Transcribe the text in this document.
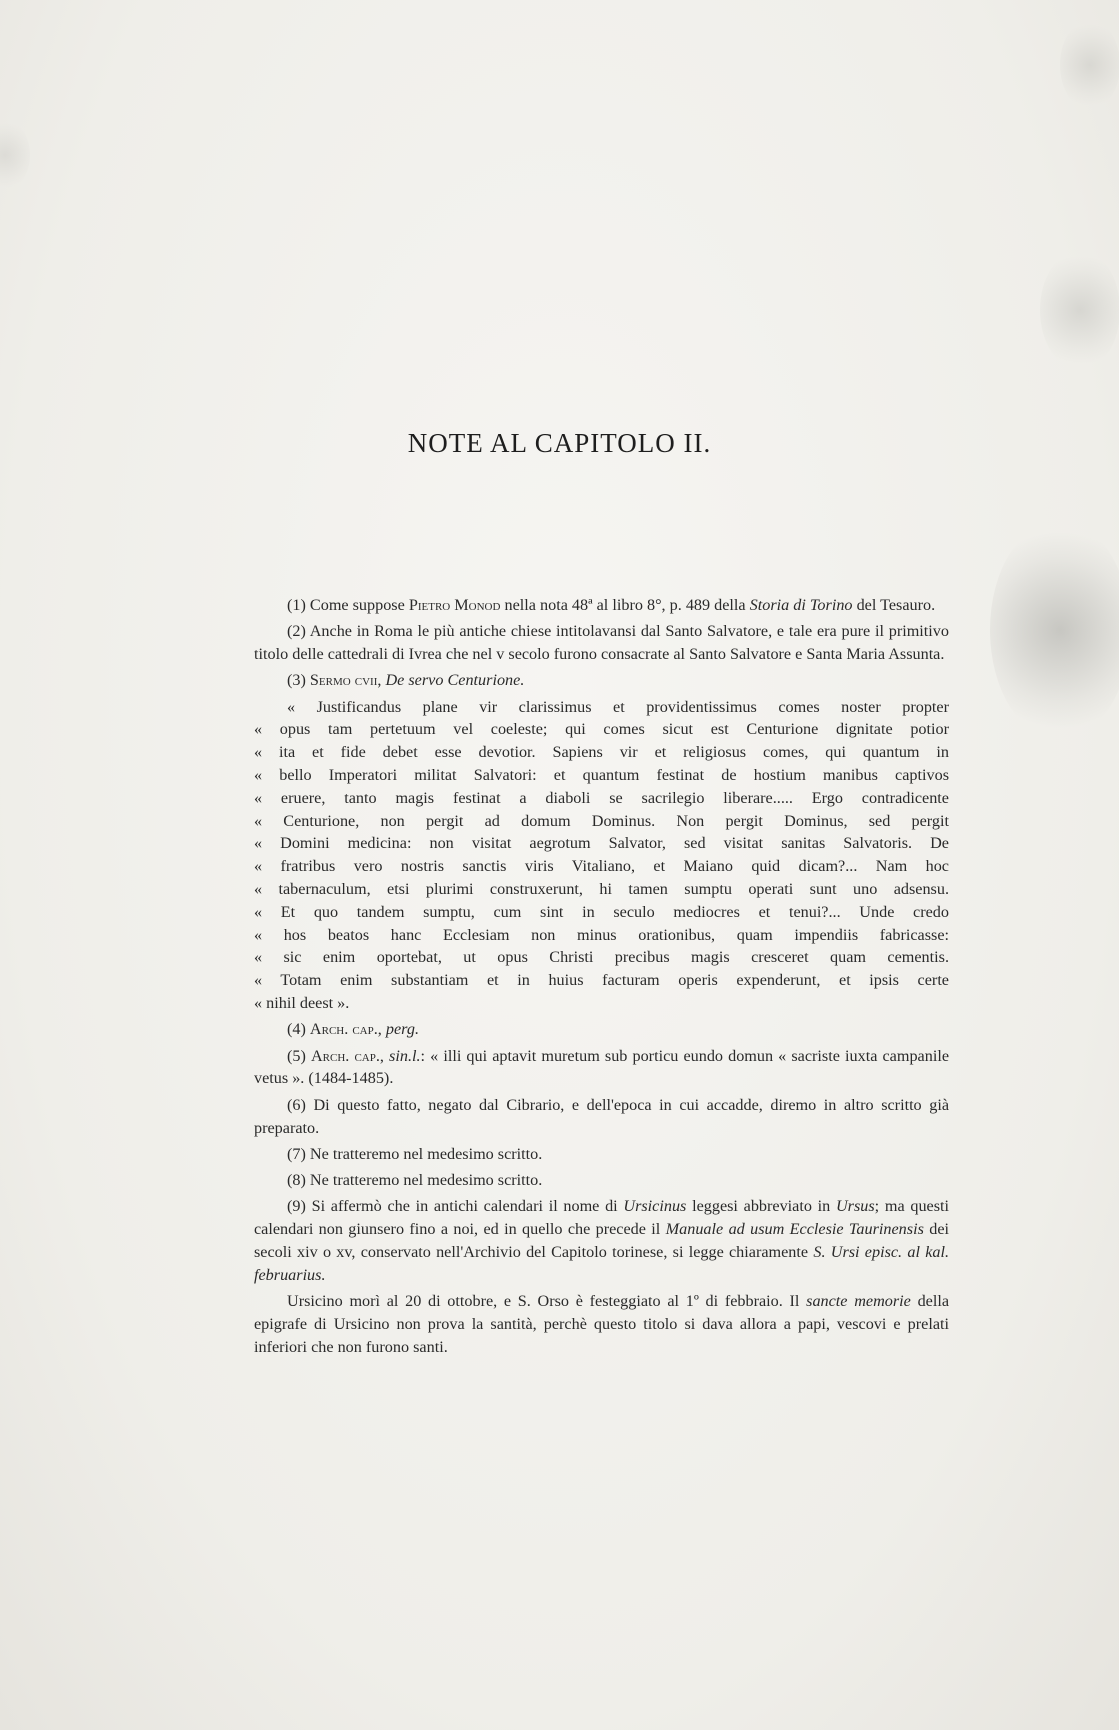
NOTE AL CAPITOLO II.

(1) Come suppose Pietro Monod nella nota 48ª al libro 8°, p. 489 della Storia di Torino del Tesauro.

(2) Anche in Roma le più antiche chiese intitolavansi dal Santo Salvatore, e tale era pure il primitivo titolo delle cattedrali di Ivrea che nel v secolo furono consacrate al Santo Salvatore e Santa Maria Assunta.

(3) Sermo cvii, De servo Centurione.

« Justificandus plane vir clarissimus et providentissimus comes noster propter
« opus tam pertetuum vel coeleste; qui comes sicut est Centurione dignitate potior
« ita et fide debet esse devotior. Sapiens vir et religiosus comes, qui quantum in
« bello Imperatori militat Salvatori: et quantum festinat de hostium manibus captivos
« eruere, tanto magis festinat a diaboli se sacrilegio liberare..... Ergo contradicente
« Centurione, non pergit ad domum Dominus. Non pergit Dominus, sed pergit
« Domini medicina: non visitat aegrotum Salvator, sed visitat sanitas Salvatoris. De
« fratribus vero nostris sanctis viris Vitaliano, et Maiano quid dicam?... Nam hoc
« tabernaculum, etsi plurimi construxerunt, hi tamen sumptu operati sunt uno adsensu.
« Et quo tandem sumptu, cum sint in seculo mediocres et tenui?... Unde credo
« hos beatos hanc Ecclesiam non minus orationibus, quam impendiis fabricasse:
« sic enim oportebat, ut opus Christi precibus magis cresceret quam cementis.
« Totam enim substantiam et in huius facturam operis expenderunt, et ipsis certe
« nihil deest ».

(4) Arch. cap., perg.

(5) Arch. cap., sin.l.: « illi qui aptavit muretum sub porticu eundo domun « sacriste iuxta campanile vetus ». (1484-1485).

(6) Di questo fatto, negato dal Cibrario, e dell'epoca in cui accadde, diremo in altro scritto già preparato.

(7) Ne tratteremo nel medesimo scritto.

(8) Ne tratteremo nel medesimo scritto.

(9) Si affermò che in antichi calendari il nome di Ursicinus leggesi abbreviato in Ursus; ma questi calendari non giunsero fino a noi, ed in quello che precede il Manuale ad usum Ecclesie Taurinensis dei secoli xiv o xv, conservato nell'Archivio del Capitolo torinese, si legge chiaramente S. Ursi episc. al kal. februarius.

Ursicino morì al 20 di ottobre, e S. Orso è festeggiato al 1º di febbraio. Il sancte memorie della epigrafe di Ursicino non prova la santità, perchè questo titolo si dava allora a papi, vescovi e prelati inferiori che non furono santi.
